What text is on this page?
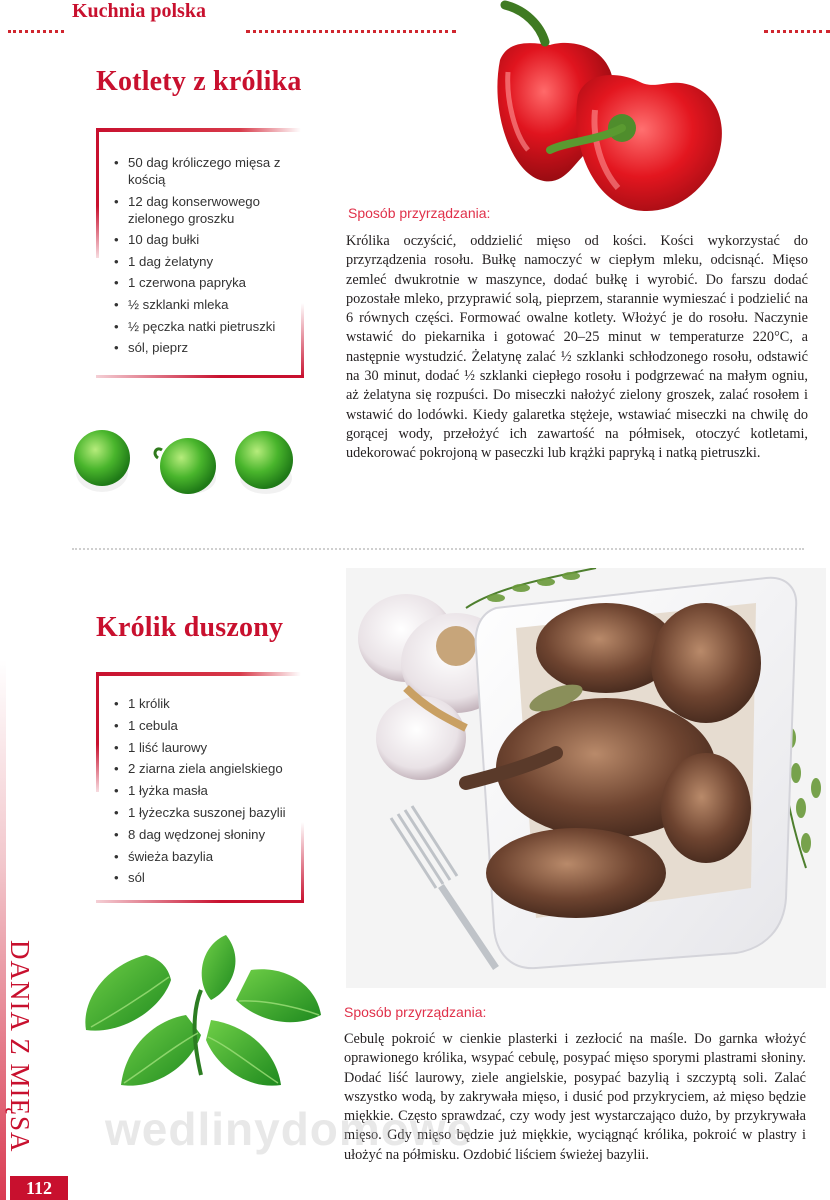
Kuchnia polska
Kotlety z królika
• 50 dag króliczego mięsa z kością
• 12 dag konserwowego zielonego groszku
• 10 dag bułki
• 1 dag żelatyny
• 1 czerwona papryka
• ½ szklanki mleka
• ½ pęczka natki pietruszki
• sól, pieprz
Sposób przyrządzania:

Królika oczyścić, oddzielić mięso od kości. Kości wykorzystać do przyrządzenia rosołu. Bułkę namoczyć w ciepłym mleku, odcisnąć. Mięso zemleć dwukrotnie w maszynce, dodać bułkę i wyrobić. Do farszu dodać pozostałe mleko, przyprawić solą, pieprzem, starannie wymieszać i podzielić na 6 równych części. Formować owalne kotlety. Włożyć je do rosołu. Naczynie wstawić do piekarnika i gotować 20–25 minut w temperaturze 220°C, a następnie wystudzić. Żelatynę zalać ½ szklanki schłodzonego rosołu, odstawić na 30 minut, dodać ½ szklanki ciepłego rosołu i podgrzewać na małym ogniu, aż żelatyna się rozpuści. Do miseczki nałożyć zielony groszek, zalać rosołem i wstawić do lodówki. Kiedy galaretka stężeje, wstawiać miseczki na chwilę do gorącej wody, przełożyć ich zawartość na półmisek, otoczyć kotletami, udekorować pokrojoną w paseczki lub krążki papryką i natką pietruszki.

Królik duszony
• 1 królik
• 1 cebula
• 1 liść laurowy
• 2 ziarna ziela angielskiego
• 1 łyżka masła
• 1 łyżeczka suszonej bazylii
• 8 dag wędzonej słoniny
• świeża bazylia
• sól
Sposób przyrządzania:

Cebulę pokroić w cienkie plasterki i zezłocić na maśle. Do garnka włożyć oprawionego królika, wsypać cebulę, posypać mięso sporymi plastrami słoniny. Dodać liść laurowy, ziele angielskie, posypać bazylią i szczyptą soli. Zalać wszystko wodą, by zakrywała mięso, i dusić pod przykryciem, aż mięso będzie miękkie. Często sprawdzać, czy wody jest wystarczająco dużo, by przykrywała mięso. Gdy mięso będzie już miękkie, wyciągnąć królika, pokroić w plastry i ułożyć na półmisku. Ozdobić liściem świeżej bazylii.

wedlinydomowe
DANIA Z MIĘSA
112
